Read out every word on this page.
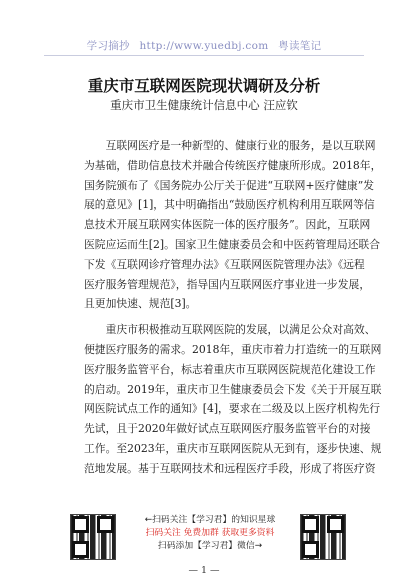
学习摘抄 http://www.yuedbj.com 粤读笔记
重庆市互联网医院现状调研及分析
重庆市卫生健康统计信息中心 汪应钦
互联网医疗是一种新型的、健康行业的服务，是以互联网
为基础，借助信息技术并融合传统医疗健康所形成。2018年，
国务院颁布了《国务院办公厅关于促进“互联网+医疗健康”发
展的意见》[1]，其中明确指出“鼓励医疗机构利用互联网等信
息技术开展互联网实体医院一体的医疗服务”。因此，互联网
医院应运而生[2]。国家卫生健康委员会和中医药管理局还联合
下发《互联网诊疗管理办法》《互联网医院管理办法》《远程
医疗服务管理规范》，指导国内互联网医疗事业进一步发展，
且更加快速、规范[3]。
重庆市积极推动互联网医院的发展，以满足公众对高效、
便捷医疗服务的需求。2018年，重庆市着力打造统一的互联网
医疗服务监管平台，标志着重庆市互联网医院规范化建设工作
的启动。2019年，重庆市卫生健康委员会下发《关于开展互联
网医院试点工作的通知》[4]，要求在二级及以上医疗机构先行
先试，且于2020年做好试点互联网医疗服务监管平台的对接
工作。至2023年，重庆市互联网医院从无到有，逐步快速、规
范地发展。基于互联网技术和远程医疗手段，形成了将医疗资
←扫码关注【学习君】的知识星球
扫码关注 免费加群 获取更多资料
扫码添加【学习君】微信→
— 1 —
